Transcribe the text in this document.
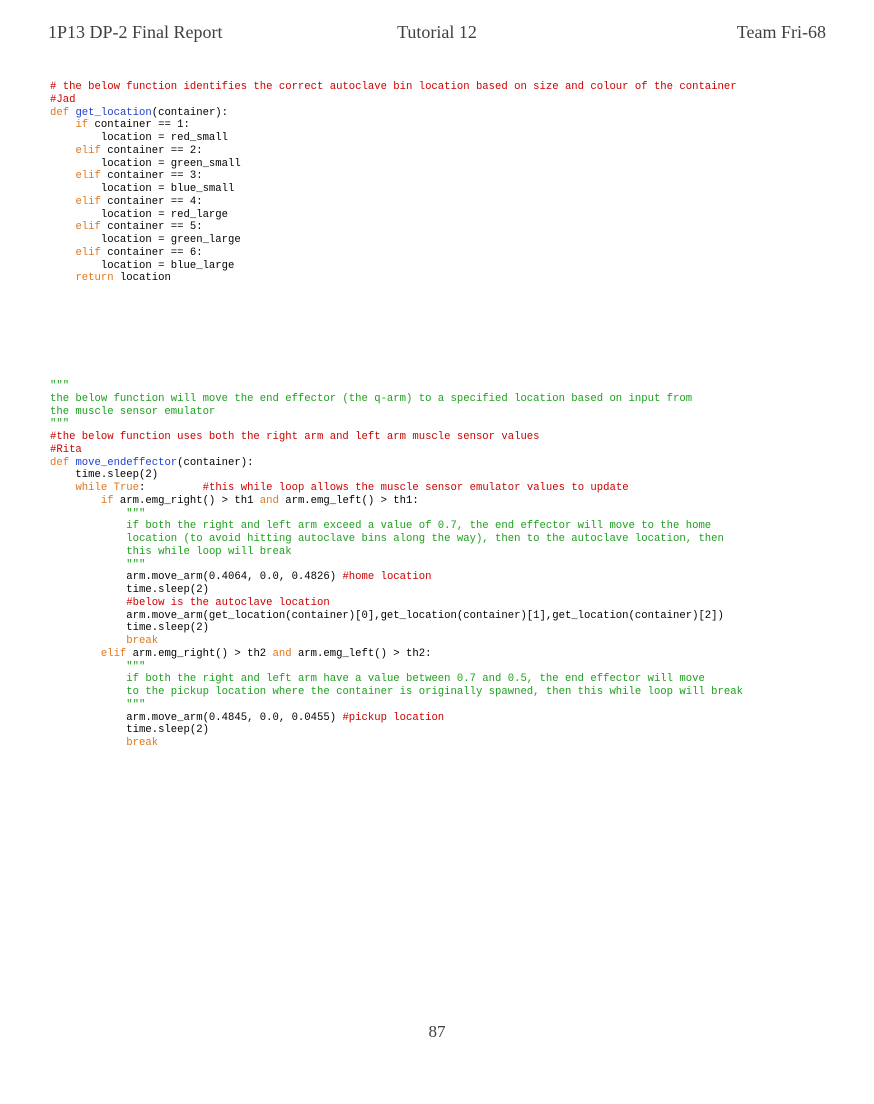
1P13 DP-2 Final Report	Tutorial 12	Team Fri-68
# the below function identifies the correct autoclave bin location based on size and colour of the container
#Jad
def get_location(container):
if container == 1:
location = red_small
elif container == 2:
location = green_small
elif container == 3:
location = blue_small
elif container == 4:
location = red_large
elif container == 5:
location = green_large
elif container == 6:
location = blue_large
return location
"""
the below function will move the end effector (the q-arm) to a specified location based on input from
the muscle sensor emulator
"""
#the below function uses both the right arm and left arm muscle sensor values
#Rita
def move_endeffector(container):
time.sleep(2)
while True:         #this while loop allows the muscle sensor emulator values to update
if arm.emg_right() > th1 and arm.emg_left() > th1:
"""
if both the right and left arm exceed a value of 0.7, the end effector will move to the home
location (to avoid hitting autoclave bins along the way), then to the autoclave location, then
this while loop will break
"""
arm.move_arm(0.4064, 0.0, 0.4826) #home location
time.sleep(2)
#below is the autoclave location
arm.move_arm(get_location(container)[0],get_location(container)[1],get_location(container)[2])
time.sleep(2)
break
elif arm.emg_right() > th2 and arm.emg_left() > th2:
"""
if both the right and left arm have a value between 0.7 and 0.5, the end effector will move
to the pickup location where the container is originally spawned, then this while loop will break
"""
arm.move_arm(0.4845, 0.0, 0.0455) #pickup location
time.sleep(2)
break
87
